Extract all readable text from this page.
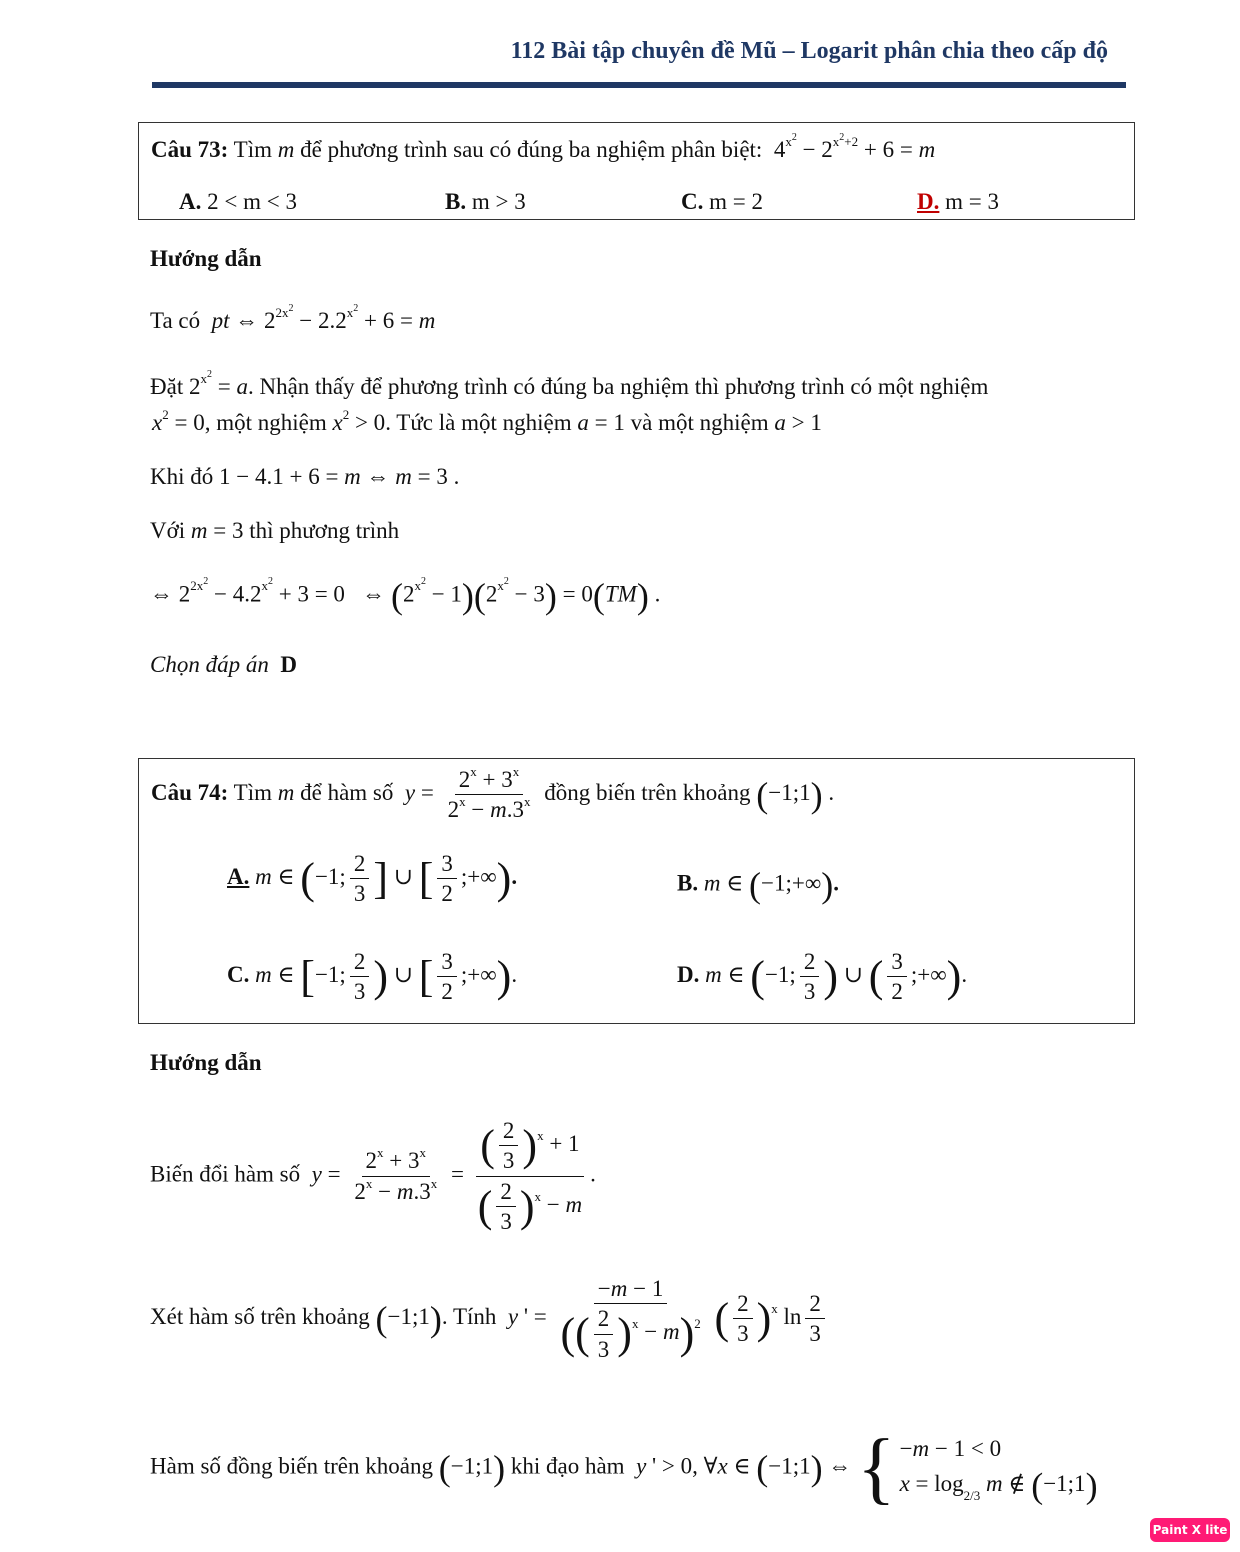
112 Bài tập chuyên đề Mũ – Logarit phân chia theo cấp độ
Câu 73: Tìm m để phương trình sau có đúng ba nghiệm phân biệt:  $4^{x^2} - 2^{x^2+2} + 6 = m$
A. 2 < m < 3	B. m > 3	C. m = 2	D. m = 3
Hướng dẫn
Ta có pt ⇔ $2^{2x^2} - 2.2^{x^2} + 6 = m$
Đặt $2^{x^2} = a$. Nhận thấy để phương trình có đúng ba nghiệm thì phương trình có một nghiệm
$x^2 = 0$, một nghiệm $x^2 > 0$. Tức là một nghiệm a = 1 và một nghiệm a > 1
Khi đó 1 − 4.1 + 6 = m ⇔ m = 3 .
Với m = 3 thì phương trình
⇔ $2^{2x^2} - 4.2^{x^2} + 3 = 0$   ⇔ $(2^{x^2} - 1)(2^{x^2} - 3) = 0(TM)$ .
Chọn đáp án D
Câu 74: Tìm m để hàm số $y = \frac{2^x + 3^x}{2^x - m.3^x}$ đồng biến trên khoảng (−1;1) .
A. m ∈ (−1; $\frac{2}{3}$ ] ∪ [ $\frac{3}{2}$ ;+∞).	B. m ∈ (−1;+∞).
C. m ∈ [−1; $\frac{2}{3}$ ) ∪ [ $\frac{3}{2}$ ;+∞).	D. m ∈ (−1; $\frac{2}{3}$ ) ∪ ( $\frac{3}{2}$ ;+∞).
Hướng dẫn
Biến đổi hàm số $y = \frac{2^x + 3^x}{2^x - m.3^x} = \frac{( \frac{2}{3} )^x + 1}{( \frac{2}{3} )^x - m}$ .
Xét hàm số trên khoảng (−1;1). Tính y ' = $\frac{-m - 1}{(( \frac{2}{3} )^x - m)^2}$ ( $\frac{2}{3} )^x$ $\ln \frac{2}{3}$
Hàm số đồng biến trên khoảng (−1;1) khi đạo hàm y ' > 0, ∀x ∈ (−1;1) ⇔ { −m − 1 < 0
$x = \log_{2/3} m$ ∉ (−1;1)
Paint X lite
